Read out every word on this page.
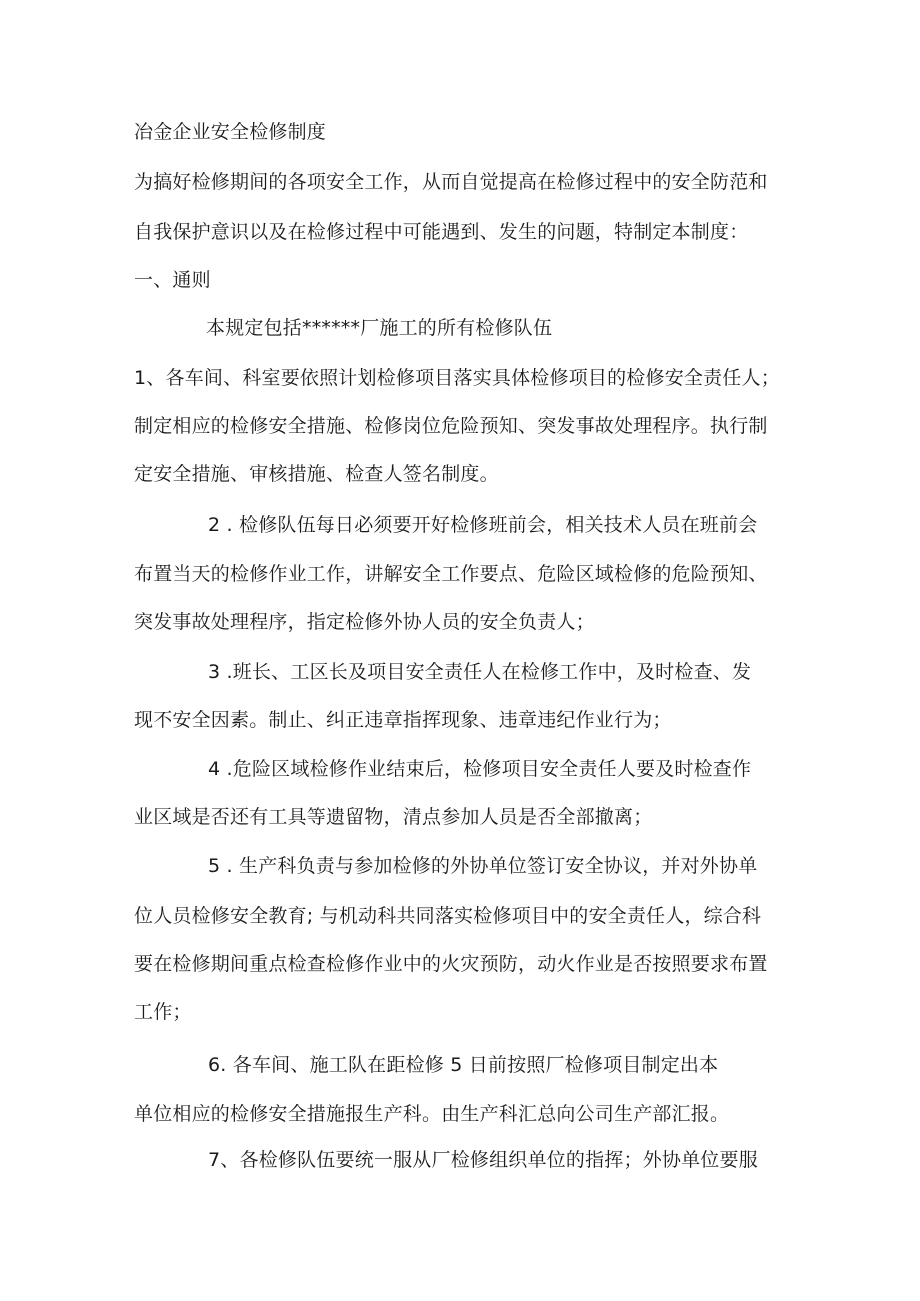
冶金企业安全检修制度
为搞好检修期间的各项安全工作，从而自觉提高在检修过程中的安全防范和
自我保护意识以及在检修过程中可能遇到、发生的问题，特制定本制度：
一、通则
本规定包括******厂施工的所有检修队伍
1、各车间、科室要依照计划检修项目落实具体检修项目的检修安全责任人；
制定相应的检修安全措施、检修岗位危险预知、突发事故处理程序。执行制
定安全措施、审核措施、检查人签名制度。
2 . 检修队伍每日必须要开好检修班前会，相关技术人员在班前会
布置当天的检修作业工作，讲解安全工作要点、危险区域检修的危险预知、
突发事故处理程序，指定检修外协人员的安全负责人；
3 .班长、工区长及项目安全责任人在检修工作中，及时检查、发
现不安全因素。制止、纠正违章指挥现象、违章违纪作业行为；
4 .危险区域检修作业结束后，检修项目安全责任人要及时检查作
业区域是否还有工具等遗留物，清点参加人员是否全部撤离；
5 . 生产科负责与参加检修的外协单位签订安全协议，并对外协单
位人员检修安全教育; 与机动科共同落实检修项目中的安全责任人，综合科
要在检修期间重点检查检修作业中的火灾预防，动火作业是否按照要求布置
工作；
6. 各车间、施工队在距检修 5 日前按照厂检修项目制定出本
单位相应的检修安全措施报生产科。由生产科汇总向公司生产部汇报。
7、各检修队伍要统一服从厂检修组织单位的指挥；外协单位要服
